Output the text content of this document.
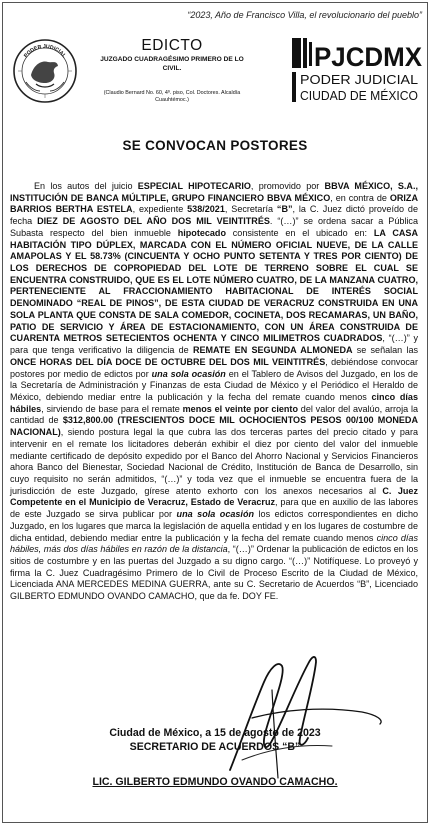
“2023, Año de Francisco Villa, el revolucionario del pueblo”
PODER JUDICIAL
EDICTO
JUZGADO CUADRAGÉSIMO PRIMERO DE LO CIVIL.
(Claudio Bernard No. 60, 4º. piso, Col. Doctores. Alcaldía Cuauhtémoc.)
PJCDMX
PODER JUDICIAL
CIUDAD DE MÉXICO
SE CONVOCAN POSTORES
En los autos del juicio ESPECIAL HIPOTECARIO, promovido por BBVA MÉXICO, S.A., INSTITUCIÓN DE BANCA MÚLTIPLE, GRUPO FINANCIERO BBVA MÉXICO, en contra de ORIZA BARRIOS BERTHA ESTELA, expediente 538/2021, Secretaría “B”, la C. Juez dictó proveído de fecha DIEZ DE AGOSTO DEL AÑO DOS MIL VEINTITRÉS. “(…)” se ordena sacar a Pública Subasta respecto del bien inmueble hipotecado consistente en el ubicado en: LA CASA HABITACIÓN TIPO DÚPLEX, MARCADA CON EL NÚMERO OFICIAL NUEVE, DE LA CALLE AMAPOLAS Y EL 58.73% (CINCUENTA Y OCHO PUNTO SETENTA Y TRES POR CIENTO) DE LOS DERECHOS DE COPROPIEDAD DEL LOTE DE TERRENO SOBRE EL CUAL SE ENCUENTRA CONSTRUIDO, QUE ES EL LOTE NÚMERO CUATRO, DE LA MANZANA CUATRO, PERTENECIENTE AL FRACCIONAMIENTO HABITACIONAL DE INTERÉS SOCIAL DENOMINADO “REAL DE PINOS”, DE ESTA CIUDAD DE VERACRUZ CONSTRUIDA EN UNA SOLA PLANTA QUE CONSTA DE SALA COMEDOR, COCINETA, DOS RECAMARAS, UN BAÑO, PATIO DE SERVICIO Y ÁREA DE ESTACIONAMIENTO, CON UN ÁREA CONSTRUIDA DE CUARENTA METROS SETECIENTOS OCHENTA Y CINCO MILIMETROS CUADRADOS, “(…)” y para que tenga verificativo la diligencia de REMATE EN SEGUNDA ALMONEDA se señalan las ONCE HORAS DEL DÍA DOCE DE OCTUBRE DEL DOS MIL VEINTITRÉS, debiéndose convocar postores por medio de edictos por una sola ocasión en el Tablero de Avisos del Juzgado, en los de la Secretaría de Administración y Finanzas de esta Ciudad de México y el Periódico el Heraldo de México, debiendo mediar entre la publicación y la fecha del remate cuando menos cinco días hábiles, sirviendo de base para el remate menos el veinte por ciento del valor del avalúo, arroja la cantidad de $312,800.00 (TRESCIENTOS DOCE MIL OCHOCIENTOS PESOS 00/100 MONEDA NACIONAL), siendo postura legal la que cubra las dos terceras partes del precio citado y para intervenir en el remate los licitadores deberán exhibir el diez por ciento del valor del inmueble mediante certificado de depósito expedido por el Banco del Ahorro Nacional y Servicios Financieros ahora Banco del Bienestar, Sociedad Nacional de Crédito, Institución de Banca de Desarrollo, sin cuyo requisito no serán admitidos, “(…)” y toda vez que el inmueble se encuentra fuera de la jurisdicción de este Juzgado, gírese atento exhorto con los anexos necesarios al C. Juez Competente en el Municipio de Veracruz, Estado de Veracruz, para que en auxilio de las labores de este Juzgado se sirva publicar por una sola ocasión los edictos correspondientes en dicho Juzgado, en los lugares que marca la legislación de aquella entidad y en los lugares de costumbre de dicha entidad, debiendo mediar entre la publicación y la fecha del remate cuando menos cinco días hábiles, más dos días hábiles en razón de la distancia, “(…)” Ordenar la publicación de edictos en los sitios de costumbre y en las puertas del Juzgado a su digno cargo. “(…)” Notifíquese. Lo proveyó y firma la C. Juez Cuadragésimo Primero de lo Civil de Proceso Escrito de la Ciudad de México, Licenciada ANA MERCEDES MEDINA GUERRA, ante su C. Secretario de Acuerdos “B”, Licenciado GILBERTO EDMUNDO OVANDO CAMACHO, que da fe. DOY FE.
Ciudad de México, a 15 de agosto de 2023
SECRETARIO DE ACUERDOS “B”
LIC. GILBERTO EDMUNDO OVANDO CAMACHO.
